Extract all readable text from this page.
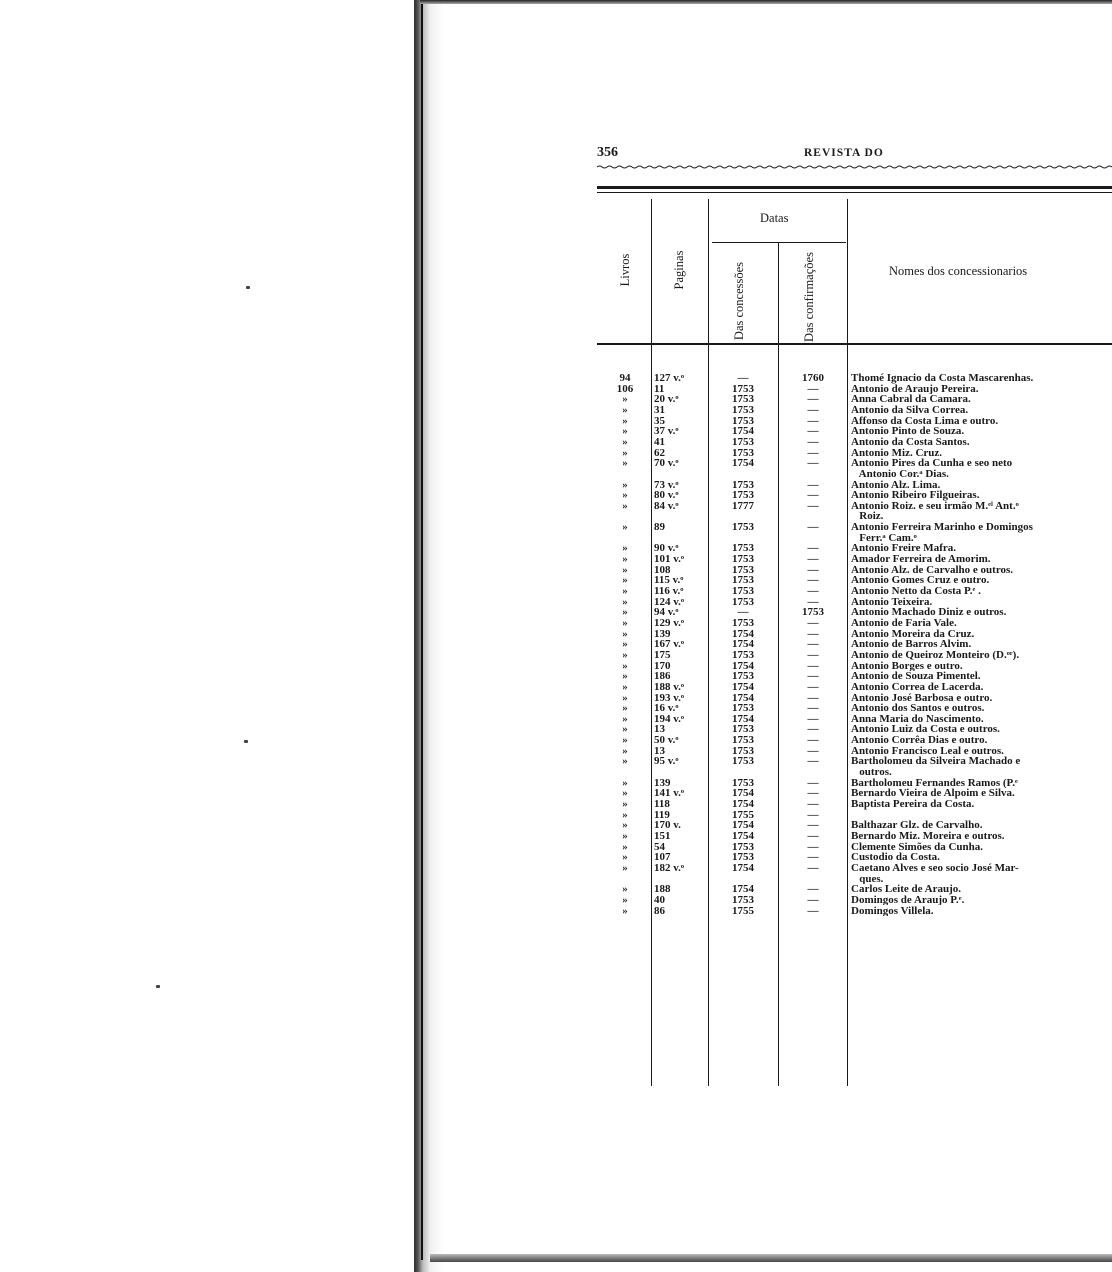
356	REVISTA DO
Livros	Paginas
Datas
Das concessões	Das confirmações	Nomes dos concessionarios
94	127 v.ᵒ	—	1760	Thomé Ignacio da Costa Mascarenhas.
106	11	1753	—	Antonio de Araujo Pereira.
»	20 v.ᵒ	1753	—	Anna Cabral da Camara.
»	31	1753	—	Antonio da Silva Correa.
»	35	1753	—	Affonso da Costa Lima e outro.
»	37 v.ᵒ	1754	—	Antonio Pinto de Souza.
»	41	1753	—	Antonio da Costa Santos.
»	62	1753	—	Antonio Miz. Cruz.
»	70 v.ᵒ	1754	—	Antonio Pires da Cunha e seo neto
Antonio Cor.ᵃ Dias.
»	73 v.ᵒ	1753	—	Antonio Alz. Lima.
»	80 v.ᵒ	1753	—	Antonio Ribeiro Filgueiras.
»	84 v.ᵒ	1777	—	Antonio Roiz. e seu irmão M.ᵉˡ Ant.ᵒ
Roiz.
»	89	1753	—	Antonio Ferreira Marinho e Domingos
Ferr.ᵃ Cam.ᵒ
»	90 v.ᵒ	1753	—	Antonio Freire Mafra.
»	101 v.ᵒ	1753	—	Amador Ferreira de Amorim.
»	108	1753	—	Antonio Alz. de Carvalho e outros.
»	115 v.ᵒ	1753	—	Antonio Gomes Cruz e outro.
»	116 v.ᵒ	1753	—	Antonio Netto da Costa P.ᵉ .
»	124 v.ᵒ	1753	—	Antonio Teixeira.
»	94 v.ᵒ	—	1753	Antonio Machado Diniz e outros.
»	129 v.ᵒ	1753	—	Antonio de Faria Vale.
»	139	1754	—	Antonio Moreira da Cruz.
»	167 v.ᵒ	1754	—	Antonio de Barros Alvim.
»	175	1753	—	Antonio de Queiroz Monteiro (D.ᵒʳ).
»	170	1754	—	Antonio Borges e outro.
»	186	1753	—	Antonio de Souza Pimentel.
»	188 v.ᵒ	1754	—	Antonio Correa de Lacerda.
»	193 v.ᵒ	1754	—	Antonio José Barbosa e outro.
»	16 v.ᵒ	1753	—	Antonio dos Santos e outros.
»	194 v.ᵒ	1754	—	Anna Maria do Nascimento.
»	13	1753	—	Antonio Luiz da Costa e outros.
»	50 v.ᵒ	1753	—	Antonio Corrêa Dias e outro.
»	13	1753	—	Antonio Francisco Leal e outros.
»	95 v.ᵒ	1753	—	Bartholomeu da Silveira Machado e
outros.
»	139	1753	—	Bartholomeu Fernandes Ramos (P.ᵉ
»	141 v.ᵒ	1754	—	Bernardo Vieira de Alpoim e Silva.
»	118	1754	—	Baptista Pereira da Costa.
»	119	1755	—
»	170 v.	1754	—	Balthazar Glz. de Carvalho.
»	151	1754	—	Bernardo Miz. Moreira e outros.
»	54	1753	—	Clemente Simões da Cunha.
»	107	1753	—	Custodio da Costa.
»	182 v.ᵒ	1754	—	Caetano Alves e seo socio José Mar-
ques.
»	188	1754	—	Carlos Leite de Araujo.
»	40	1753	—	Domingos de Araujo P.ᵉ.
»	86	1755	—	Domingos Villela.
